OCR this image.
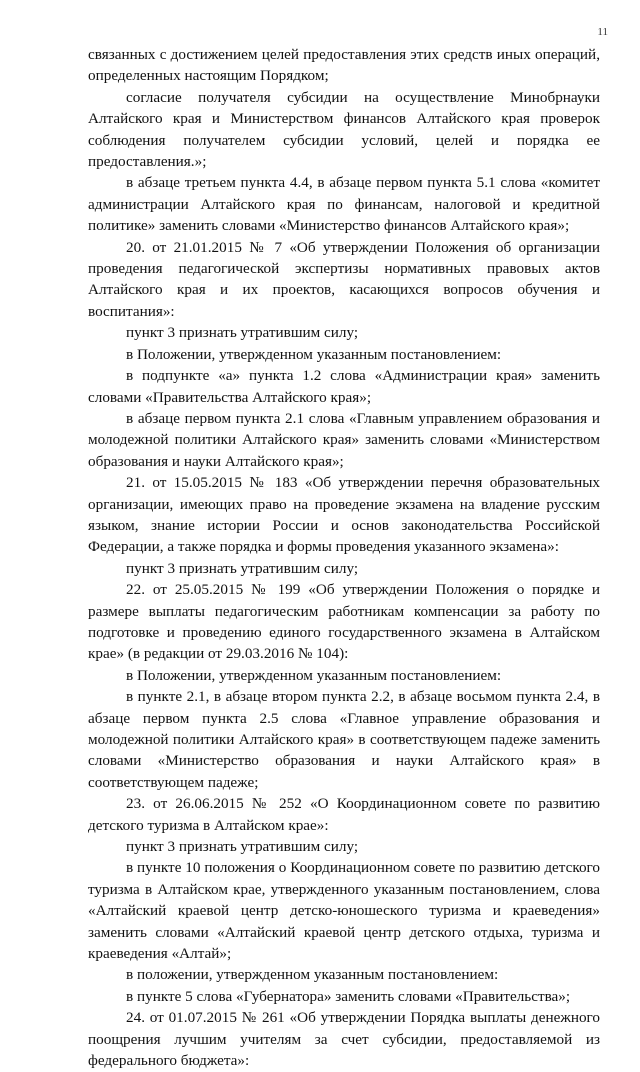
11

связанных с достижением целей предоставления этих средств иных операций, определенных настоящим Порядком;

согласие получателя субсидии на осуществление Минобрнауки Алтайского края и Министерством финансов Алтайского края проверок соблюдения получателем субсидии условий, целей и порядка ее предоставления.»;

в абзаце третьем пункта 4.4, в абзаце первом пункта 5.1 слова «комитет администрации Алтайского края по финансам, налоговой и кредитной политике» заменить словами «Министерство финансов Алтайского края»;

20. от 21.01.2015 № 7 «Об утверждении Положения об организации проведения педагогической экспертизы нормативных правовых актов Алтайского края и их проектов, касающихся вопросов обучения и воспитания»:

пункт 3 признать утратившим силу;

в Положении, утвержденном указанным постановлением:

в подпункте «а» пункта 1.2 слова «Администрации края» заменить словами «Правительства Алтайского края»;

в абзаце первом пункта 2.1 слова «Главным управлением образования и молодежной политики Алтайского края» заменить словами «Министерством образования и науки Алтайского края»;

21. от 15.05.2015 № 183 «Об утверждении перечня образовательных организации, имеющих право на проведение экзамена на владение русским языком, знание истории России и основ законодательства Российской Федерации, а также порядка и формы проведения указанного экзамена»:

пункт 3 признать утратившим силу;

22. от 25.05.2015 № 199 «Об утверждении Положения о порядке и размере выплаты педагогическим работникам компенсации за работу по подготовке и проведению единого государственного экзамена в Алтайском крае» (в редакции от 29.03.2016 № 104):

в Положении, утвержденном указанным постановлением:

в пункте 2.1, в абзаце втором пункта 2.2, в абзаце восьмом пункта 2.4, в абзаце первом пункта 2.5 слова «Главное управление образования и молодежной политики Алтайского края» в соответствующем падеже заменить словами «Министерство образования и науки Алтайского края» в соответствующем падеже;

23. от 26.06.2015 № 252 «О Координационном совете по развитию детского туризма в Алтайском крае»:

пункт 3 признать утратившим силу;

в пункте 10 положения о Координационном совете по развитию детского туризма в Алтайском крае, утвержденного указанным постановлением, слова «Алтайский краевой центр детско-юношеского туризма и краеведения» заменить словами «Алтайский краевой центр детского отдыха, туризма и краеведения «Алтай»;

в положении, утвержденном указанным постановлением:

в пункте 5 слова «Губернатора» заменить словами «Правительства»;

24. от 01.07.2015 № 261 «Об утверждении Порядка выплаты денежного поощрения лучшим учителям за счет субсидии, предоставляемой из федерального бюджета»:
